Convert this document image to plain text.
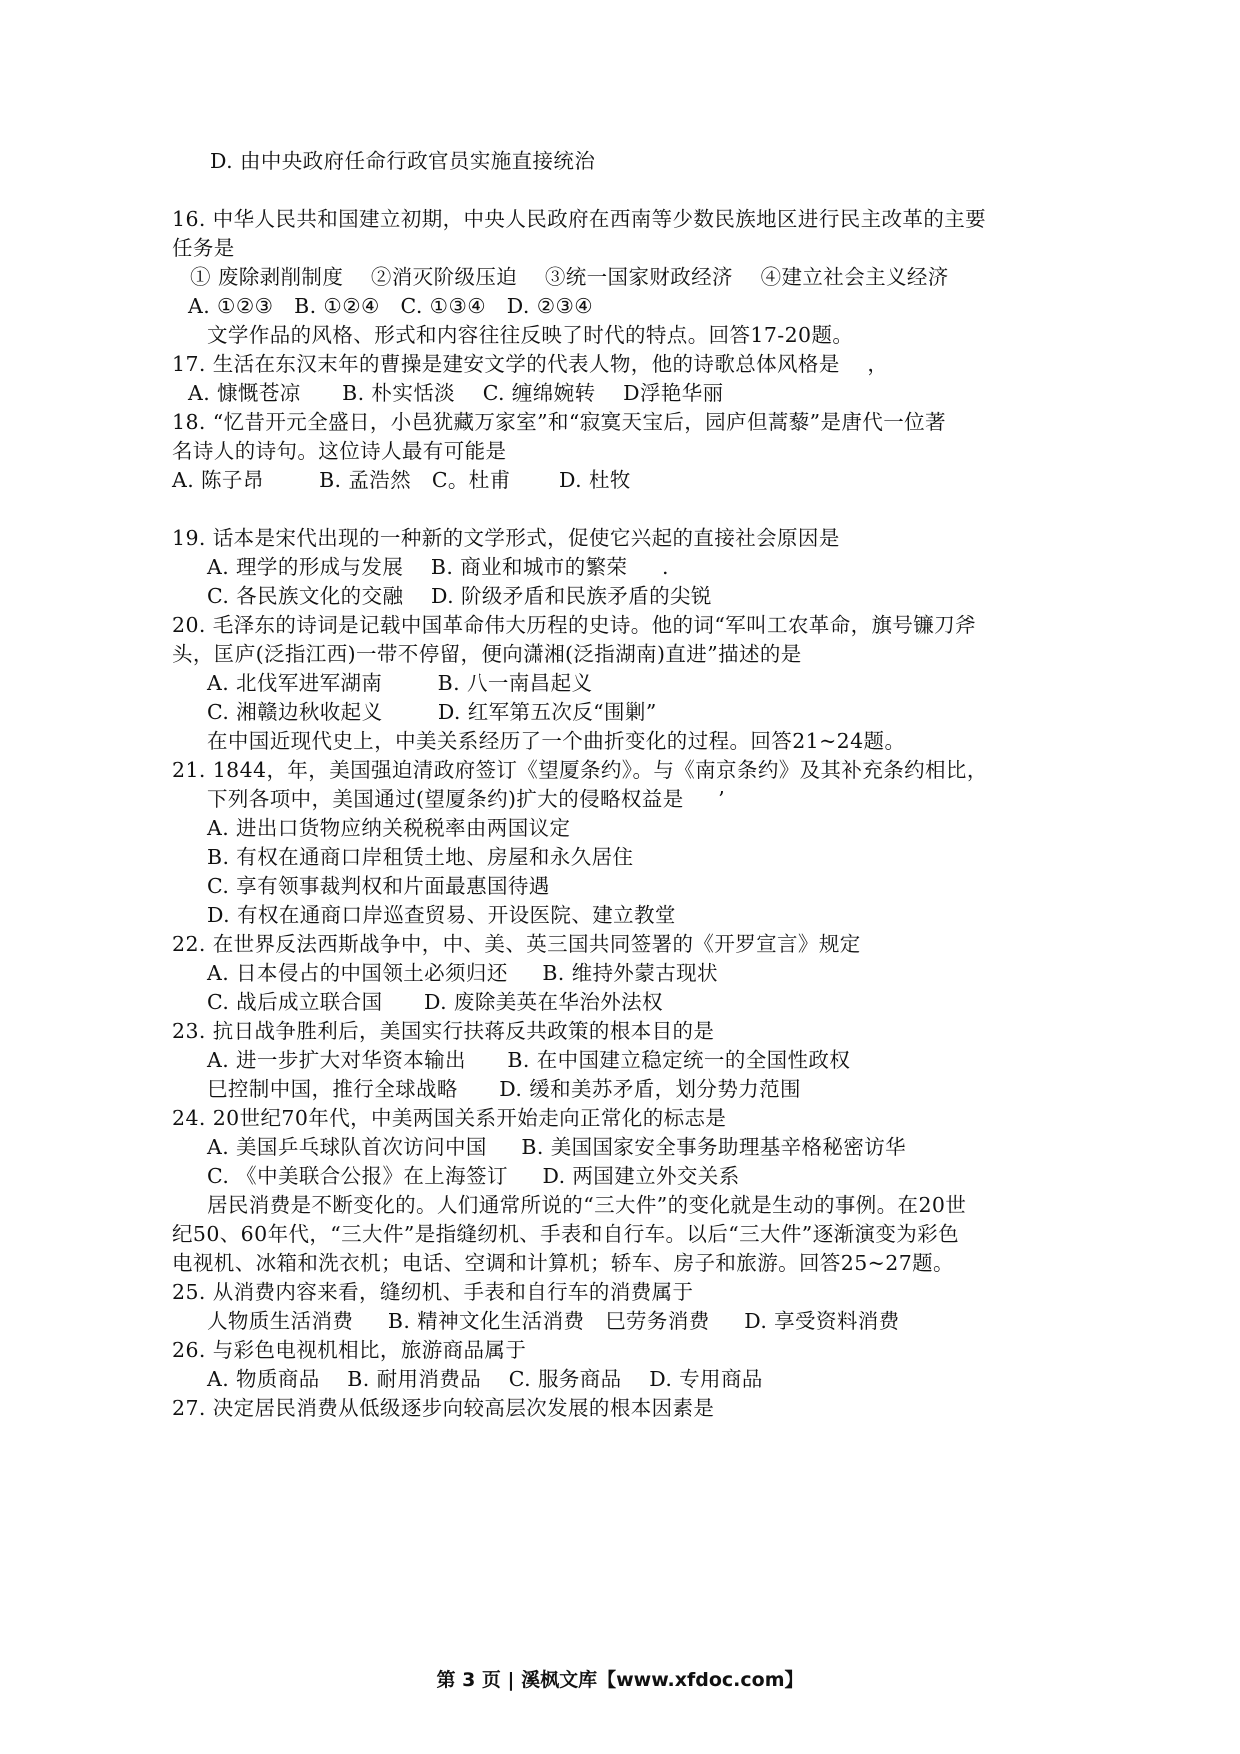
D. 由中央政府任命行政官员实施直接统治
16. 中华人民共和国建立初期，中央人民政府在西南等少数民族地区进行民主改革的主要
任务是
① 废除剥削制度    ②消灭阶级压迫    ③统一国家财政经济    ④建立社会主义经济
A. ①②③   B. ①②④   C. ①③④   D. ②③④
文学作品的风格、形式和内容往往反映了时代的特点。回答17-20题。
17. 生活在东汉末年的曹操是建安文学的代表人物，他的诗歌总体风格是    ，
A. 慷慨苍凉      B. 朴实恬淡    C. 缠绵婉转    D浮艳华丽
18. “忆昔开元全盛日，小邑犹藏万家室”和“寂寞天宝后，园庐但蒿藜”是唐代一位著
名诗人的诗句。这位诗人最有可能是
A. 陈子昂        B. 孟浩然   C。杜甫       D. 杜牧
19. 话本是宋代出现的一种新的文学形式，促使它兴起的直接社会原因是
A. 理学的形成与发展    B. 商业和城市的繁荣     .
C. 各民族文化的交融    D. 阶级矛盾和民族矛盾的尖锐
20. 毛泽东的诗词是记载中国革命伟大历程的史诗。他的词“军叫工农革命，旗号镰刀斧
头，匡庐(泛指江西)一带不停留，便向潇湘(泛指湖南)直进”描述的是
A. 北伐军进军湖南        B. 八一南昌起义
C. 湘赣边秋收起义        D. 红军第五次反“围剿”
在中国近现代史上，中美关系经历了一个曲折变化的过程。回答21~24题。
21. 1844，年，美国强迫清政府签订《望厦条约》。与《南京条约》及其补充条约相比，
下列各项中，美国通过(望厦条约)扩大的侵略权益是     ’
A. 进出口货物应纳关税税率由两国议定
B. 有权在通商口岸租赁土地、房屋和永久居住
C. 享有领事裁判权和片面最惠国待遇
D. 有权在通商口岸巡查贸易、开设医院、建立教堂
22. 在世界反法西斯战争中，中、美、英三国共同签署的《开罗宣言》规定
A. 日本侵占的中国领土必须归还     B. 维持外蒙古现状
C. 战后成立联合国      D. 废除美英在华治外法权
23. 抗日战争胜利后，美国实行扶蒋反共政策的根本目的是
A. 进一步扩大对华资本输出      B. 在中国建立稳定统一的全国性政权
巳控制中国，推行全球战略      D. 缓和美苏矛盾，划分势力范围
24. 20世纪70年代，中美两国关系开始走向正常化的标志是
A. 美国乒乓球队首次访问中国     B. 美国国家安全事务助理基辛格秘密访华
C. 《中美联合公报》在上海签订     D. 两国建立外交关系
居民消费是不断变化的。人们通常所说的“三大件”的变化就是生动的事例。在20世
纪50、60年代，“三大件”是指缝纫机、手表和自行车。以后“三大件”逐渐演变为彩色
电视机、冰箱和洗衣机；电话、空调和计算机；轿车、房子和旅游。回答25~27题。
25. 从消费内容来看，缝纫机、手表和自行车的消费属于
人物质生活消费     B. 精神文化生活消费   巳劳务消费     D. 享受资料消费
26. 与彩色电视机相比，旅游商品属于
A. 物质商品    B. 耐用消费品    C. 服务商品    D. 专用商品
27. 决定居民消费从低级逐步向较高层次发展的根本因素是
第 3 页 | 溪枫文库【www.xfdoc.com】
